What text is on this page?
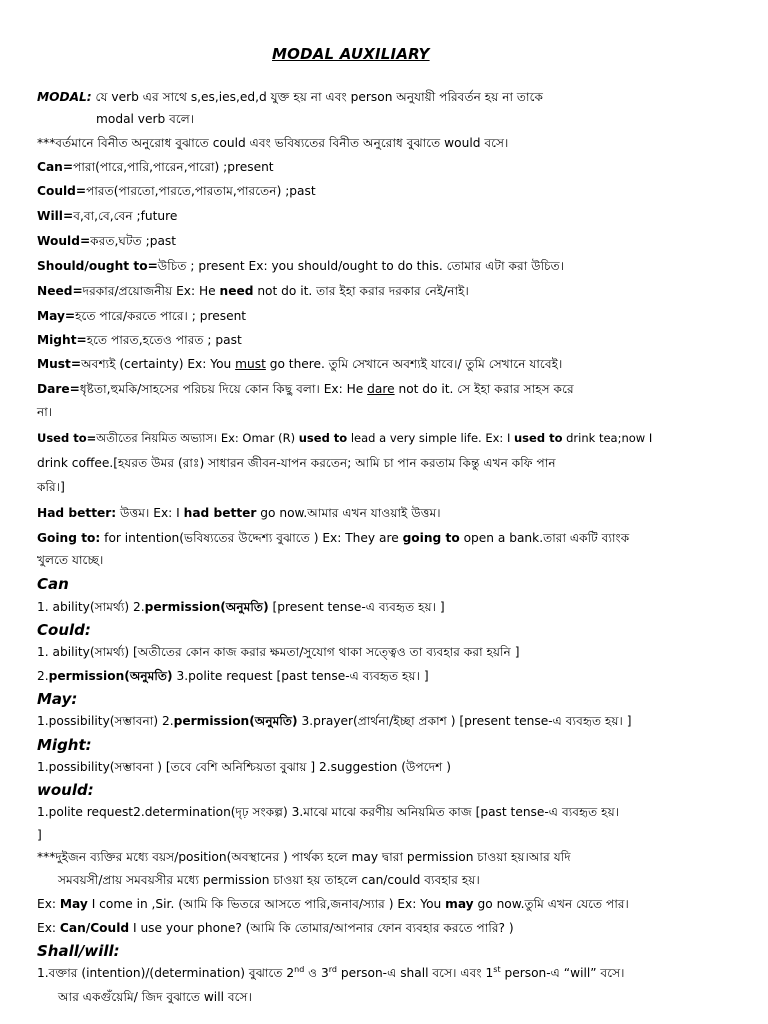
MODAL AUXILIARY
MODAL: যে verb এর সাথে s,es,ies,ed,d যুক্ত হয় না এবং person অনুযায়ী পরিবর্তন হয় না তাকে
modal verb বলে।
***বর্তমানে বিনীত অনুরোধ বুঝাতে could এবং ভবিষ্যতের বিনীত অনুরোধ বুঝাতে would বসে।
Can=পারা(পারে,পারি,পারেন,পারো) ;present
Could=পারত(পারতো,পারতে,পারতাম,পারতেন) ;past
Will=ব,বা,বে,বেন ;future
Would=করত,ঘটত ;past
Should/ought to=উচিত ; present Ex: you should/ought to do this. তোমার এটা করা উচিত।
Need=দরকার/প্রয়োজনীয় Ex: He need not do it. তার ইহা করার দরকার নেই/নাই।
May=হতে পারে/করতে পারে। ; present
Might=হতে পারত,হতেও পারত ; past
Must=অবশ্যই (certainty) Ex: You must go there. তুমি সেখানে অবশ্যই যাবে।/ তুমি সেখানে যাবেই।
Dare=ধৃষ্টতা,হুমকি/সাহসের পরিচয় দিয়ে কোন কিছু বলা। Ex: He dare not do it. সে ইহা করার সাহস করে
না।
Used to=অতীতের নিয়মিত অভ্যাস। Ex: Omar (R) used to lead a very simple life. Ex: I used to drink tea;now I
drink coffee.[হযরত উমর (রাঃ) সাধারন জীবন-যাপন করতেন; আমি চা পান করতাম কিন্তু এখন কফি পান
করি।]
Had better: উত্তম। Ex: I had better go now.আমার এখন যাওয়াই উত্তম।
Going to: for intention(ভবিষ্যতের উদ্দেশ্য বুঝাতে ) Ex: They are going to open a bank.তারা একটি ব্যাংক
খুলতে যাচ্ছে।
Can
1. ability(সামর্থ্য) 2.permission(অনুমতি) [present tense-এ ব্যবহৃত হয়। ]
Could:
1. ability(সামর্থ্য) [অতীতের কোন কাজ করার ক্ষমতা/সুযোগ থাকা সত্ত্বেও তা ব্যবহার করা হয়নি ]
2.permission(অনুমতি) 3.polite request [past tense-এ ব্যবহৃত হয়। ]
May:
1.possibility(সম্ভাবনা) 2.permission(অনুমতি) 3.prayer(প্রার্থনা/ইচ্ছা প্রকাশ ) [present tense-এ ব্যবহৃত হয়। ]
Might:
1.possibility(সম্ভাবনা ) [তবে বেশি অনিশ্চিয়তা বুঝায় ] 2.suggestion (উপদেশ )
would:
1.polite request2.determination(দৃঢ় সংকল্প) 3.মাঝে মাঝে করণীয় অনিয়মিত কাজ [past tense-এ ব্যবহৃত হয়।
]
***দুইজন ব্যক্তির মধ্যে বয়স/position(অবস্থানের ) পার্থক্য হলে may দ্বারা permission চাওয়া হয়।আর যদি
সমবয়সী/প্রায় সমবয়সীর মধ্যে permission চাওয়া হয় তাহলে can/could ব্যবহার হয়।
Ex: May I come in ,Sir. (আমি কি ভিতরে আসতে পারি,জনাব/স্যার ) Ex: You may go now.তুমি এখন যেতে পার।
Ex: Can/Could I use your phone? (আমি কি তোমার/আপনার ফোন ব্যবহার করতে পারি? )
Shall/will:
1.বক্তার (intention)/(determination) বুঝাতে 2nd ও 3rd person-এ shall বসে। এবং 1st person-এ “will” বসে।
আর একগুঁয়েমি/ জিদ বুঝাতে will বসে।
